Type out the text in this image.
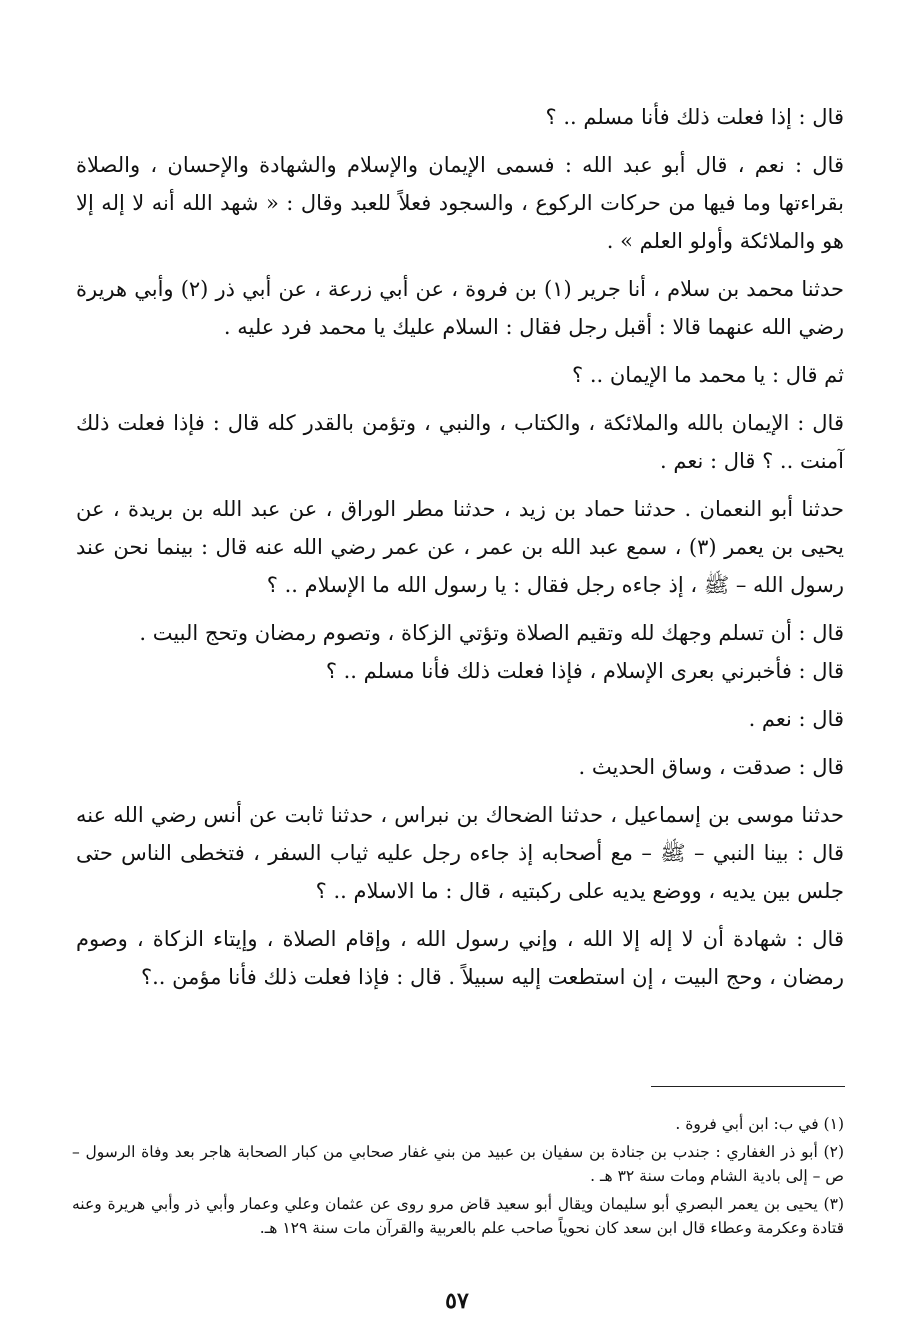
قال : إذا فعلت ذلك فأنا مسلم .. ؟

قال : نعم ، قال أبو عبد الله : فسمى الإيمان والإسلام والشهادة والإحسان ، والصلاة بقراءتها وما فيها من حركات الركوع ، والسجود فعلاً للعبد وقال : « شهد الله أنه لا إله إلا هو والملائكة وأولو العلم » .

حدثنا محمد بن سلام ، أنا جرير (١) بن فروة ، عن أبي زرعة ، عن أبي ذر (٢) وأبي هريرة رضي الله عنهما قالا : أقبل رجل فقال : السلام عليك يا محمد فرد عليه .

ثم قال : يا محمد ما الإيمان .. ؟

قال : الإيمان بالله والملائكة ، والكتاب ، والنبي ، وتؤمن بالقدر كله قال : فإذا فعلت ذلك آمنت .. ؟ قال : نعم .

حدثنا أبو النعمان . حدثنا حماد بن زيد ، حدثنا مطر الوراق ، عن عبد الله بن بريدة ، عن يحيى بن يعمر (٣) ، سمع عبد الله بن عمر ، عن عمر رضي الله عنه قال : بينما نحن عند رسول الله – ﷺ ، إذ جاءه رجل فقال : يا رسول الله ما الإسلام .. ؟

قال : أن تسلم وجهك لله وتقيم الصلاة وتؤتي الزكاة ، وتصوم رمضان وتحج البيت .

قال : فأخبرني بعرى الإسلام ، فإذا فعلت ذلك فأنا مسلم .. ؟

قال : نعم .

قال : صدقت ، وساق الحديث .

حدثنا موسى بن إسماعيل ، حدثنا الضحاك بن نبراس ، حدثنا ثابت عن أنس رضي الله عنه قال : بينا النبي – ﷺ – مع أصحابه إذ جاءه رجل عليه ثياب السفر ، فتخطى الناس حتى جلس بين يديه ، ووضع يديه على ركبتيه ، قال : ما الاسلام .. ؟

قال : شهادة أن لا إله إلا الله ، وإني رسول الله ، وإقام الصلاة ، وإيتاء الزكاة ، وصوم رمضان ، وحج البيت ، إن استطعت إليه سبيلاً . قال : فإذا فعلت ذلك فأنا مؤمن ..؟

(١) في ب: ابن أبي فروة .

(٢) أبو ذر الغفاري : جندب بن جنادة بن سفيان بن عبيد من بني غفار صحابي من كبار الصحابة هاجر بعد وفاة الرسول – ص – إلى بادية الشام ومات سنة ٣٢ هـ .

(٣) يحيى بن يعمر البصري أبو سليمان ويقال أبو سعيد قاض مرو روى عن عثمان وعلي وعمار وأبي ذر وأبي هريرة وعنه قتادة وعكرمة وعطاء قال ابن سعد كان نحوياً صاحب علم بالعربية والقرآن مات سنة ١٢٩ هـ.

٥٧
